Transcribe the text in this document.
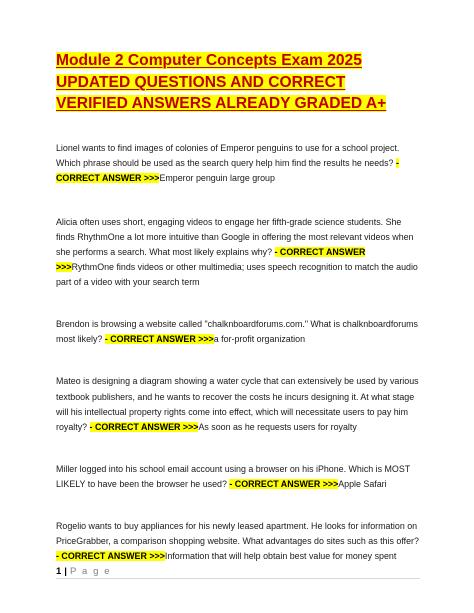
Module 2 Computer Concepts Exam 2025 UPDATED QUESTIONS AND CORRECT VERIFIED ANSWERS ALREADY GRADED A+

Lionel wants to find images of colonies of Emperor penguins to use for a school project. Which phrase should be used as the search query help him find the results he needs? - CORRECT ANSWER >>>Emperor penguin large group

Alicia often uses short, engaging videos to engage her fifth-grade science students. She finds RhythmOne a lot more intuitive than Google in offering the most relevant videos when she performs a search. What most likely explains why? - CORRECT ANSWER >>>RythmOne finds videos or other multimedia; uses speech recognition to match the audio part of a video with your search term

Brendon is browsing a website called "chalknboardforums.com." What is chalknboardforums most likely? - CORRECT ANSWER >>>a for-profit organization

Mateo is designing a diagram showing a water cycle that can extensively be used by various textbook publishers, and he wants to recover the costs he incurs designing it. At what stage will his intellectual property rights come into effect, which will necessitate users to pay him royalty? - CORRECT ANSWER >>>As soon as he requests users for royalty

Miller logged into his school email account using a browser on his iPhone. Which is MOST LIKELY to have been the browser he used? - CORRECT ANSWER >>>Apple Safari

Rogelio wants to buy appliances for his newly leased apartment. He looks for information on PriceGrabber, a comparison shopping website. What advantages do sites such as this offer? - CORRECT ANSWER >>>Information that will help obtain best value for money spent

1 | P a g e
